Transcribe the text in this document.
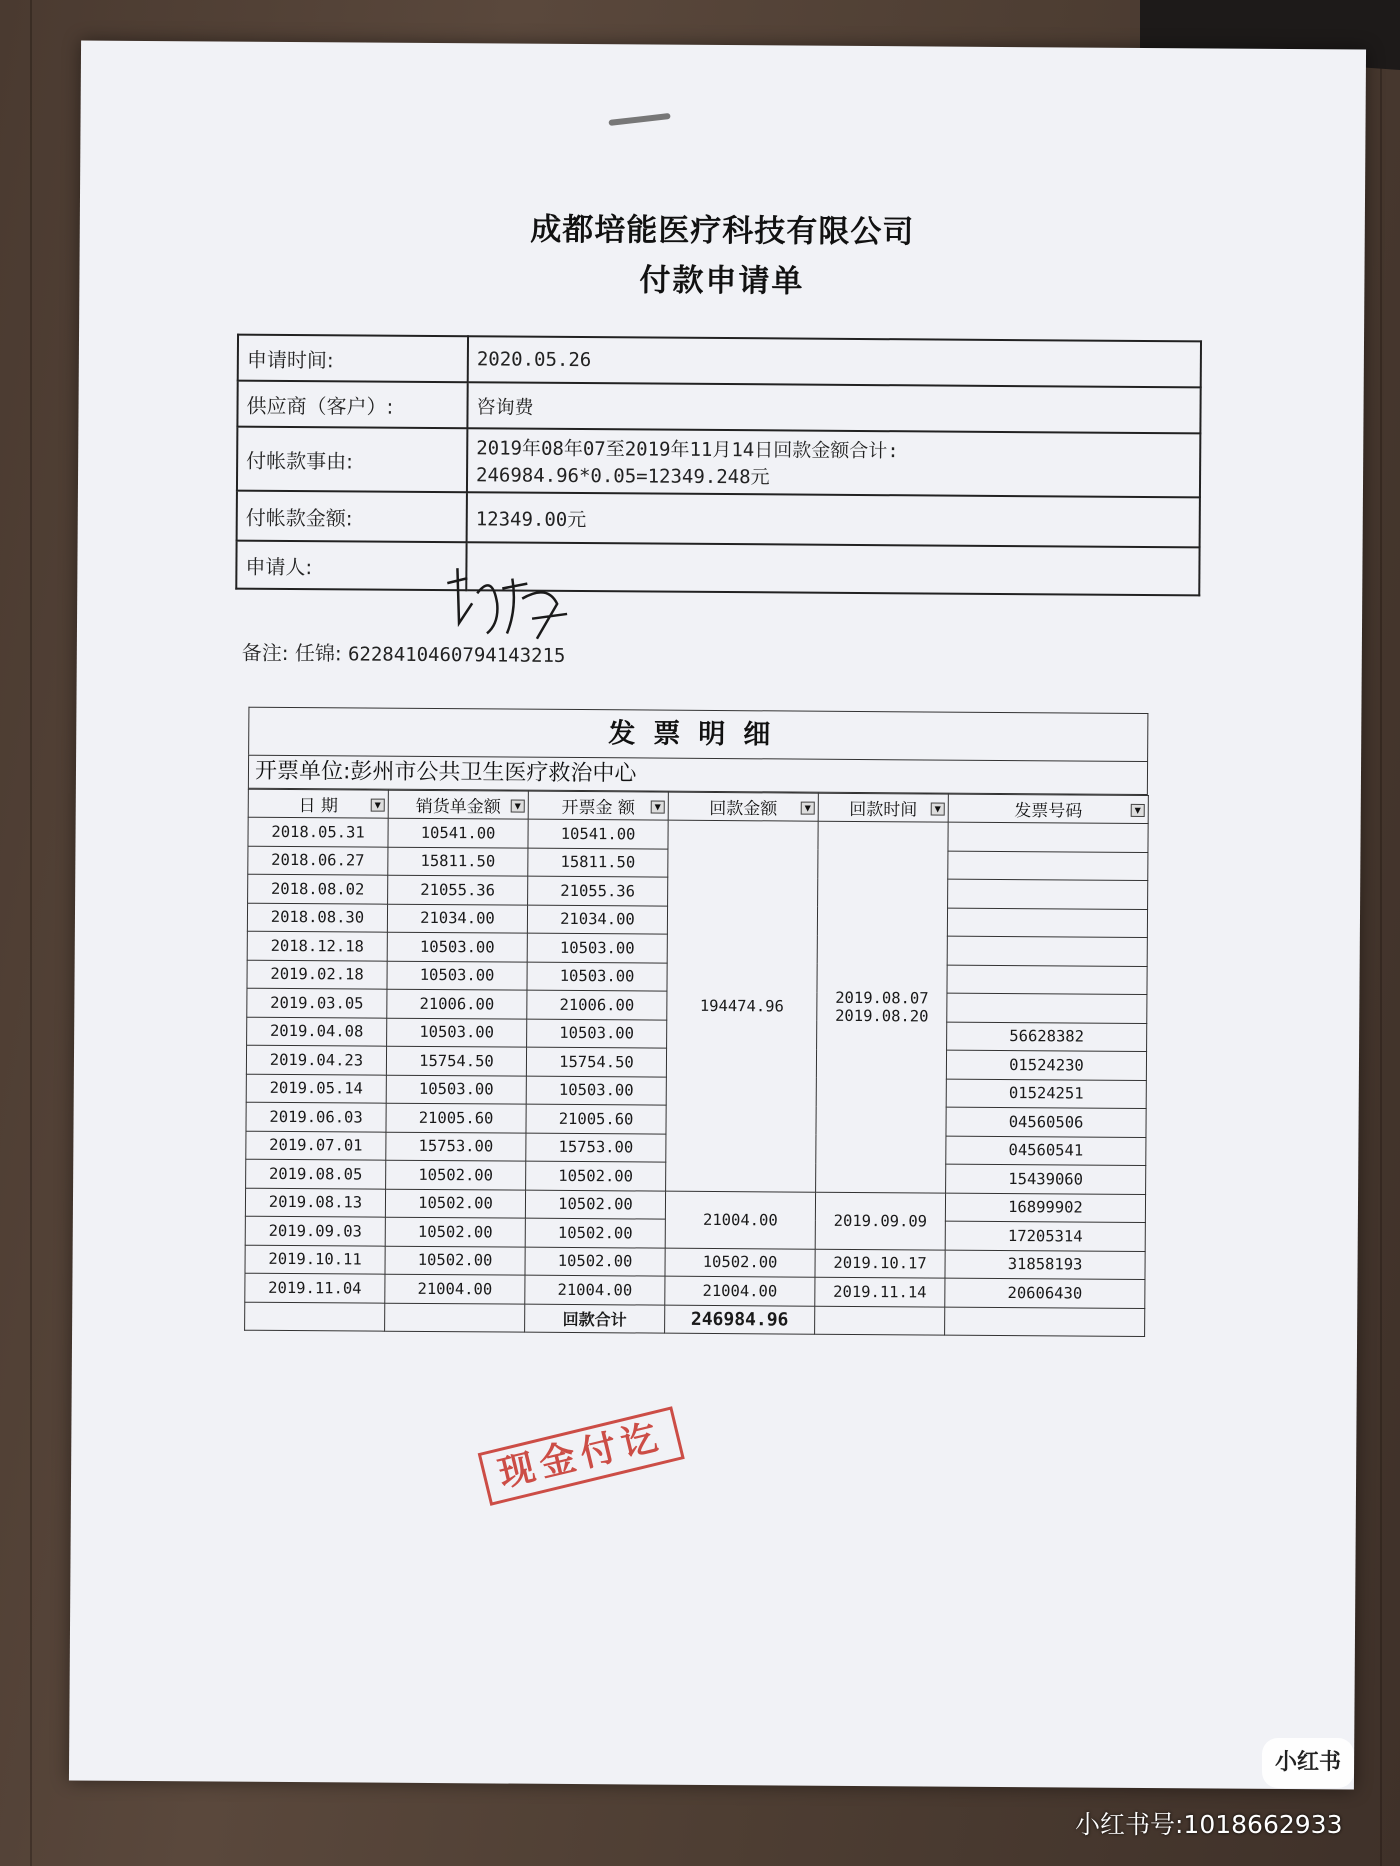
成都培能医疗科技有限公司
付款申请单
申请时间:	2020.05.26
供应商（客户）:	咨询费
付帐款事由:	2019年08年07至2019年11月14日回款金额合计:
246984.96*0.05=12349.248元

付帐款金额:	12349.00元
申请人:	
备注: 任锦: 6228410460794143215
发票明细
开票单位:彭州市公共卫生医疗救治中心
日 期 ▼	销货单金额 ▼	开票金 额 ▼	回款金额 ▼	回款时间 ▼	发票号码 ▼

2018.05.31	10541.00	10541.00	194474.96	2019.08.07
2019.08.20	

2018.06.27	15811.50	15811.50			
2018.08.02	21055.36	21055.36			
2018.08.30	21034.00	21034.00			
2018.12.18	10503.00	10503.00			
2019.02.18	10503.00	10503.00			
2019.03.05	21006.00	21006.00			
2019.04.08	10503.00	10503.00			56628382
2019.04.23	15754.50	15754.50			01524230
2019.05.14	10503.00	10503.00			01524251
2019.06.03	21005.60	21005.60			04560506
2019.07.01	15753.00	15753.00			04560541
2019.08.05	10502.00	10502.00			15439060
2019.08.13	10502.00	10502.00	21004.00	2019.09.09	16899902
2019.09.03	10502.00	10502.00			17205314
2019.10.11	10502.00	10502.00	10502.00	2019.10.17	31858193
2019.11.04	21004.00	21004.00	21004.00	2019.11.14	20606430
		回款合计	246984.96		
现金付讫
小红书
小红书号:1018662933
